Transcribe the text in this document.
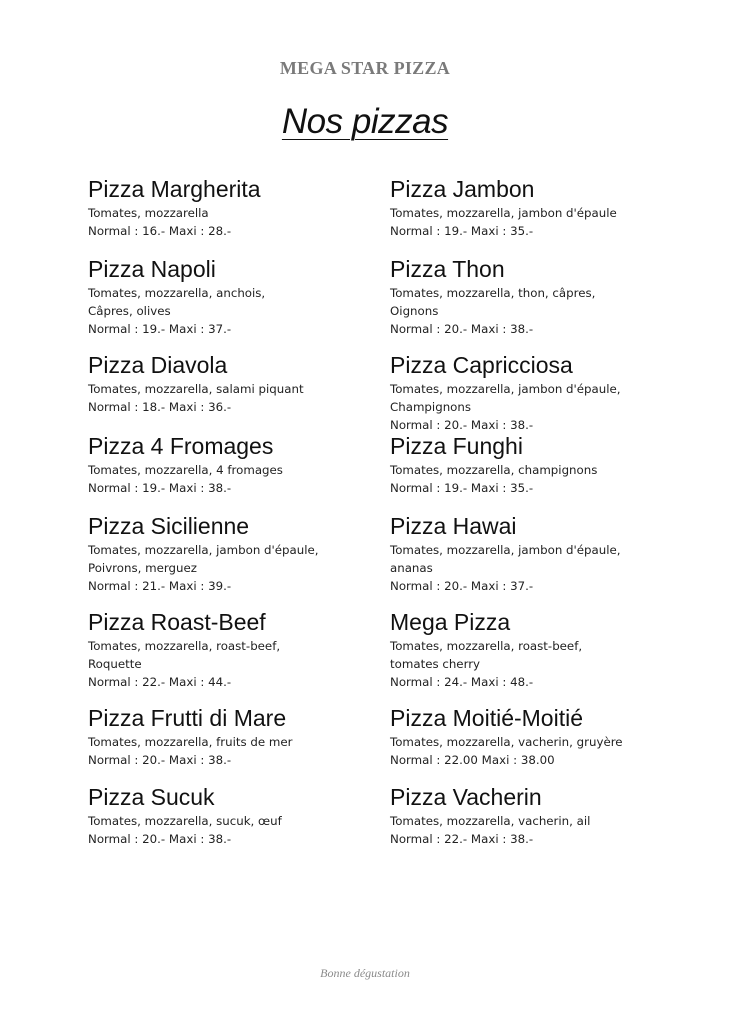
MEGA STAR PIZZA
Nos pizzas
Pizza Margherita
Tomates, mozzarella
Normal : 16.- Maxi : 28.-
Pizza Napoli
Tomates, mozzarella, anchois,
Câpres, olives
Normal : 19.- Maxi : 37.-
Pizza Diavola
Tomates, mozzarella, salami piquant
Normal : 18.- Maxi : 36.-
Pizza 4 Fromages
Tomates, mozzarella, 4 fromages
Normal : 19.- Maxi : 38.-
Pizza Sicilienne
Tomates, mozzarella, jambon d'épaule,
Poivrons, merguez
Normal : 21.- Maxi : 39.-
Pizza Roast-Beef
Tomates, mozzarella, roast-beef,
Roquette
Normal : 22.- Maxi : 44.-
Pizza Frutti di Mare
Tomates, mozzarella, fruits de mer
Normal : 20.- Maxi : 38.-
Pizza Sucuk
Tomates, mozzarella, sucuk, œuf
Normal : 20.- Maxi : 38.-
Pizza Jambon
Tomates, mozzarella, jambon d'épaule
Normal : 19.- Maxi : 35.-
Pizza Thon
Tomates, mozzarella, thon, câpres,
Oignons
Normal : 20.- Maxi : 38.-
Pizza Capricciosa
Tomates, mozzarella, jambon d'épaule,
Champignons
Normal : 20.- Maxi : 38.-
Pizza Funghi
Tomates, mozzarella, champignons
Normal : 19.- Maxi : 35.-
Pizza Hawai
Tomates, mozzarella, jambon d'épaule,
ananas
Normal : 20.- Maxi : 37.-
Mega Pizza
Tomates, mozzarella, roast-beef,
tomates cherry
Normal : 24.- Maxi : 48.-
Pizza Moitié-Moitié
Tomates, mozzarella, vacherin, gruyère
Normal : 22.00 Maxi : 38.00
Pizza Vacherin
Tomates, mozzarella, vacherin, ail
Normal : 22.- Maxi : 38.-
Bonne dégustation
